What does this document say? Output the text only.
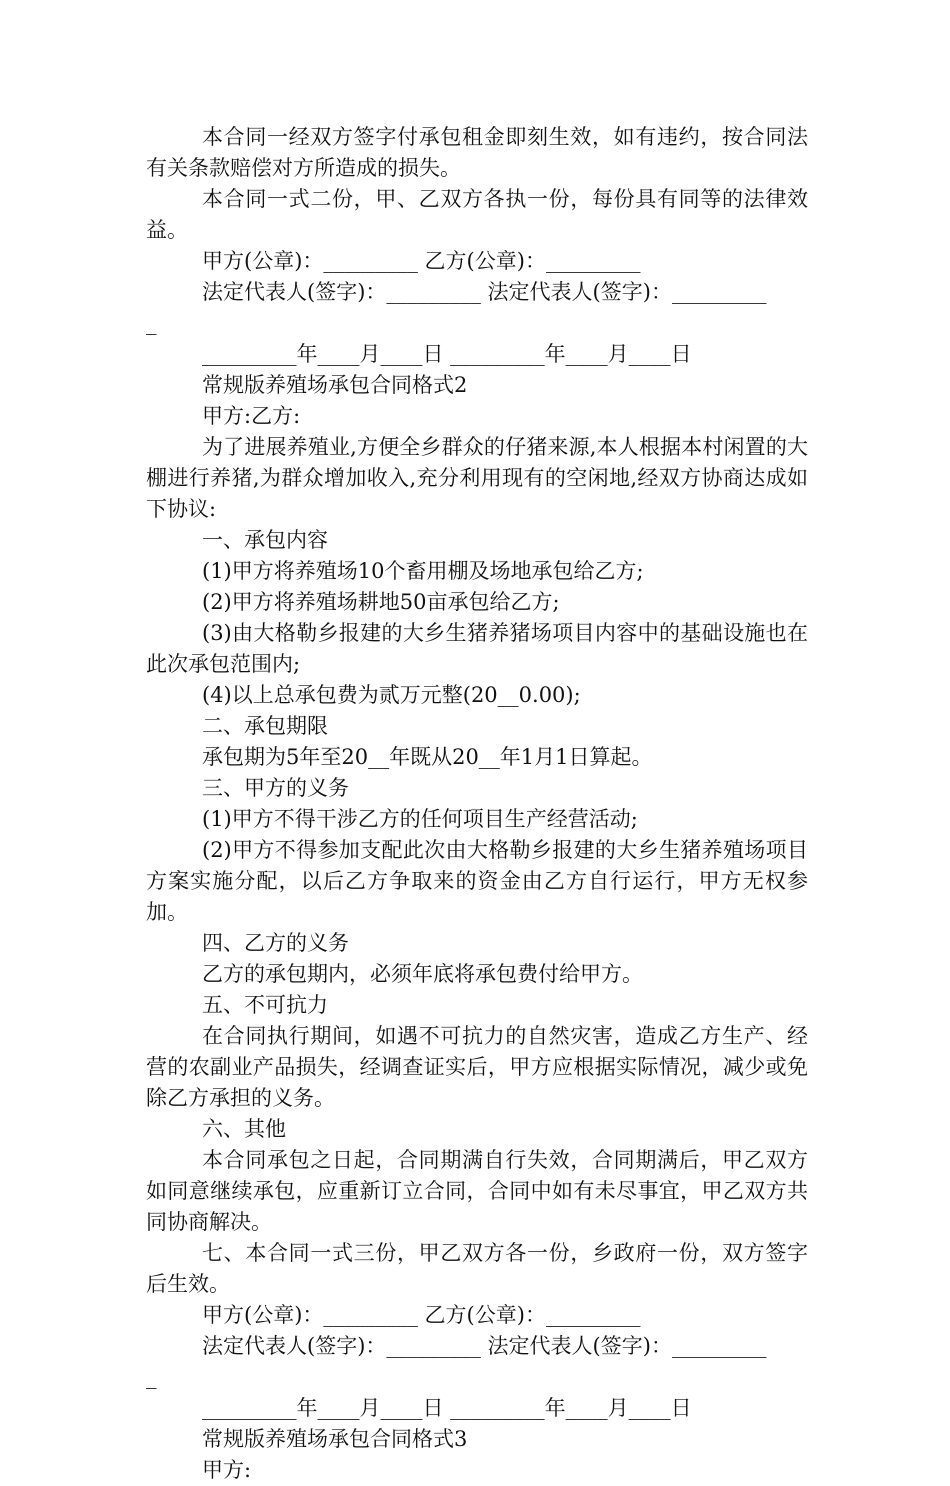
本合同一经双方签字付承包租金即刻生效，如有违约，按合同法有关条款赔偿对方所造成的损失。

本合同一式二份，甲、乙双方各执一份，每份具有同等的法律效益。

甲方(公章)：_________ 乙方(公章)：_________

法定代表人(签字)：_________ 法定代表人(签字)：_________

_

_________年____月____日 _________年____月____日

常规版养殖场承包合同格式2

甲方:乙方:

为了进展养殖业,方便全乡群众的仔猪来源,本人根据本村闲置的大棚进行养猪,为群众增加收入,充分利用现有的空闲地,经双方协商达成如下协议:

一、承包内容

(1)甲方将养殖场10个畜用棚及场地承包给乙方;

(2)甲方将养殖场耕地50亩承包给乙方;

(3)由大格勒乡报建的大乡生猪养猪场项目内容中的基础设施也在此次承包范围内;

(4)以上总承包费为贰万元整(20__0.00);

二、承包期限

承包期为5年至20__年既从20__年1月1日算起。

三、甲方的义务

(1)甲方不得干涉乙方的任何项目生产经营活动;

(2)甲方不得参加支配此次由大格勒乡报建的大乡生猪养殖场项目方案实施分配，以后乙方争取来的资金由乙方自行运行，甲方无权参加。

四、乙方的义务

乙方的承包期内，必须年底将承包费付给甲方。

五、不可抗力

在合同执行期间，如遇不可抗力的自然灾害，造成乙方生产、经营的农副业产品损失，经调查证实后，甲方应根据实际情况，减少或免除乙方承担的义务。

六、其他

本合同承包之日起，合同期满自行失效，合同期满后，甲乙双方如同意继续承包，应重新订立合同，合同中如有未尽事宜，甲乙双方共同协商解决。

七、本合同一式三份，甲乙双方各一份，乡政府一份，双方签字后生效。

甲方(公章)：_________ 乙方(公章)：_________

法定代表人(签字)：_________ 法定代表人(签字)：_________

_

_________年____月____日 _________年____月____日

常规版养殖场承包合同格式3

甲方:
